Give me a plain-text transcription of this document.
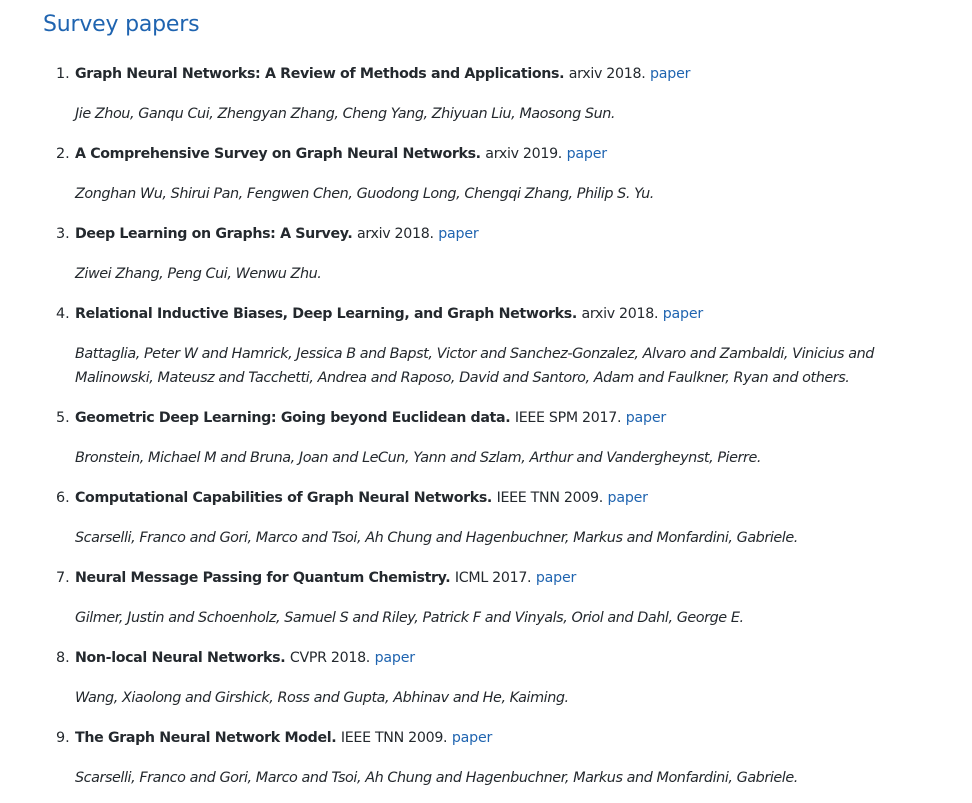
Survey papers
1. Graph Neural Networks: A Review of Methods and Applications. arxiv 2018. paper

Jie Zhou, Ganqu Cui, Zhengyan Zhang, Cheng Yang, Zhiyuan Liu, Maosong Sun.

2. A Comprehensive Survey on Graph Neural Networks. arxiv 2019. paper

Zonghan Wu, Shirui Pan, Fengwen Chen, Guodong Long, Chengqi Zhang, Philip S. Yu.

3. Deep Learning on Graphs: A Survey. arxiv 2018. paper

Ziwei Zhang, Peng Cui, Wenwu Zhu.

4. Relational Inductive Biases, Deep Learning, and Graph Networks. arxiv 2018. paper

Battaglia, Peter W and Hamrick, Jessica B and Bapst, Victor and Sanchez-Gonzalez, Alvaro and Zambaldi, Vinicius and Malinowski, Mateusz and Tacchetti, Andrea and Raposo, David and Santoro, Adam and Faulkner, Ryan and others.

5. Geometric Deep Learning: Going beyond Euclidean data. IEEE SPM 2017. paper

Bronstein, Michael M and Bruna, Joan and LeCun, Yann and Szlam, Arthur and Vandergheynst, Pierre.

6. Computational Capabilities of Graph Neural Networks. IEEE TNN 2009. paper

Scarselli, Franco and Gori, Marco and Tsoi, Ah Chung and Hagenbuchner, Markus and Monfardini, Gabriele.

7. Neural Message Passing for Quantum Chemistry. ICML 2017. paper

Gilmer, Justin and Schoenholz, Samuel S and Riley, Patrick F and Vinyals, Oriol and Dahl, George E.

8. Non-local Neural Networks. CVPR 2018. paper

Wang, Xiaolong and Girshick, Ross and Gupta, Abhinav and He, Kaiming.

9. The Graph Neural Network Model. IEEE TNN 2009. paper

Scarselli, Franco and Gori, Marco and Tsoi, Ah Chung and Hagenbuchner, Markus and Monfardini, Gabriele.
